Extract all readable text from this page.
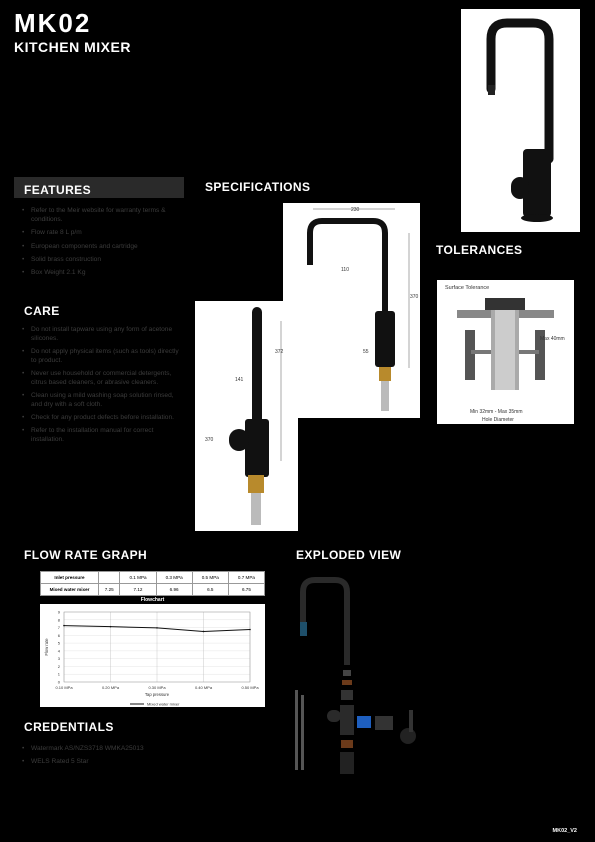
MK02
KITCHEN MIXER
FEATURES
• Refer to the Meir website for warranty terms & conditions.
• Flow rate 8 L p/m
• European components and cartridge
• Solid brass construction
• Box Weight 2.1 Kg
CARE
• Do not install tapware using any form of acetone silicones.
• Do not apply physical items (such as tools) directly to product.
• Never use household or commercial detergents, citrus based cleaners, or abrasive cleaners.
• Clean using a mild washing soap solution rinsed, and dry with a soft cloth.
• Check for any product defects before installation.
• Refer to the installation manual for correct installation.
SPECIFICATIONS
230
110
370
55
372
141
370
TOLERANCES
Surface Tolerance
Max 40mm
Min 32mm - Max 35mm
Hole Diameter
FLOW RATE GRAPH
Inlet pressure		0.1 MPa	0.3 MPa	0.5 MPa	0.7 MPa
Mixed water mixer	7.25	7.12	6.96	6.5	6.75
Flowchart
0
1
2
3
4
5
6
7
8
9
0.10 MPa	0.20 MPa	0.30 MPa	0.40 MPa	0.50 MPa
Tap pressure
Flow rate
Mixed water mixer
EXPLODED VIEW
CREDENTIALS
• Watermark AS/NZS3718 WMKA25013
• WELS Rated 5 Star
MK02_V2
